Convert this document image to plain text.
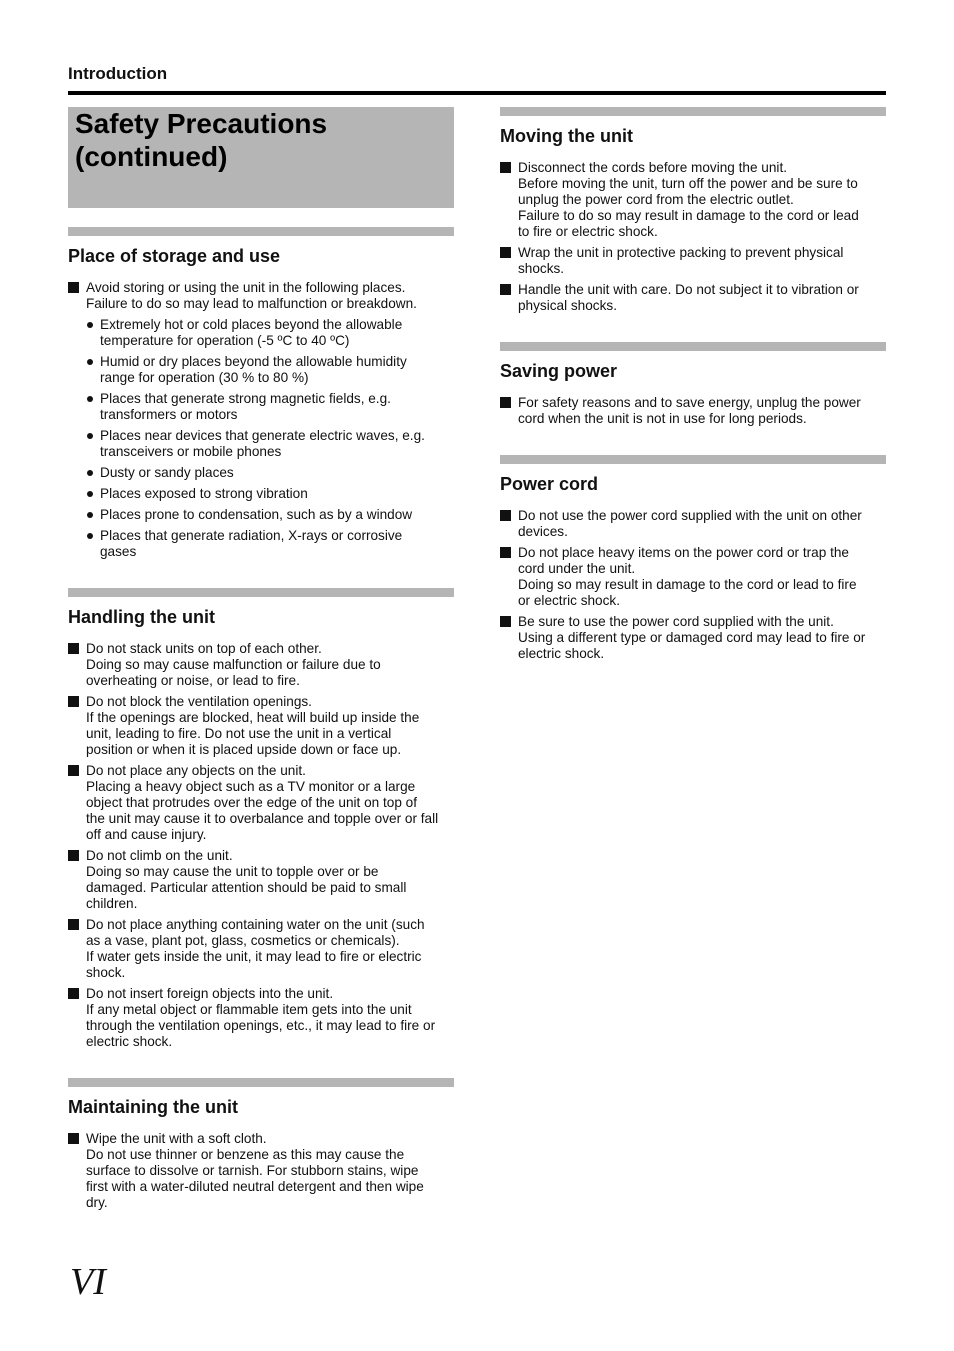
Introduction
Safety Precautions
(continued)
Place of storage and use
Avoid storing or using the unit in the following places.
Failure to do so may lead to malfunction or breakdown.
Extremely hot or cold places beyond the allowable
temperature for operation (-5 ºC to 40 ºC)
Humid or dry places beyond the allowable humidity
range for operation (30 % to 80 %)
Places that generate strong magnetic fields, e.g.
transformers or motors
Places near devices that generate electric waves, e.g.
transceivers or mobile phones
Dusty or sandy places
Places exposed to strong vibration
Places prone to condensation, such as by a window
Places that generate radiation, X-rays or corrosive
gases
Handling the unit
Do not stack units on top of each other.
Doing so may cause malfunction or failure due to
overheating or noise, or lead to fire.
Do not block the ventilation openings.
If the openings are blocked, heat will build up inside the
unit, leading to fire. Do not use the unit in a vertical
position or when it is placed upside down or face up.
Do not place any objects on the unit.
Placing a heavy object such as a TV monitor or a large
object that protrudes over the edge of the unit on top of
the unit may cause it to overbalance and topple over or fall
off and cause injury.
Do not climb on the unit.
Doing so may cause the unit to topple over or be
damaged. Particular attention should be paid to small
children.
Do not place anything containing water on the unit (such
as a vase, plant pot, glass, cosmetics or chemicals).
If water gets inside the unit, it may lead to fire or electric
shock.
Do not insert foreign objects into the unit.
If any metal object or flammable item gets into the unit
through the ventilation openings, etc., it may lead to fire or
electric shock.
Maintaining the unit
Wipe the unit with a soft cloth.
Do not use thinner or benzene as this may cause the
surface to dissolve or tarnish. For stubborn stains, wipe
first with a water-diluted neutral detergent and then wipe
dry.
Moving the unit
Disconnect the cords before moving the unit.
Before moving the unit, turn off the power and be sure to
unplug the power cord from the electric outlet.
Failure to do so may result in damage to the cord or lead
to fire or electric shock.
Wrap the unit in protective packing to prevent physical
shocks.
Handle the unit with care. Do not subject it to vibration or
physical shocks.
Saving power
For safety reasons and to save energy, unplug the power
cord when the unit is not in use for long periods.
Power cord
Do not use the power cord supplied with the unit on other
devices.
Do not place heavy items on the power cord or trap the
cord under the unit.
Doing so may result in damage to the cord or lead to fire
or electric shock.
Be sure to use the power cord supplied with the unit.
Using a different type or damaged cord may lead to fire or
electric shock.
VI
